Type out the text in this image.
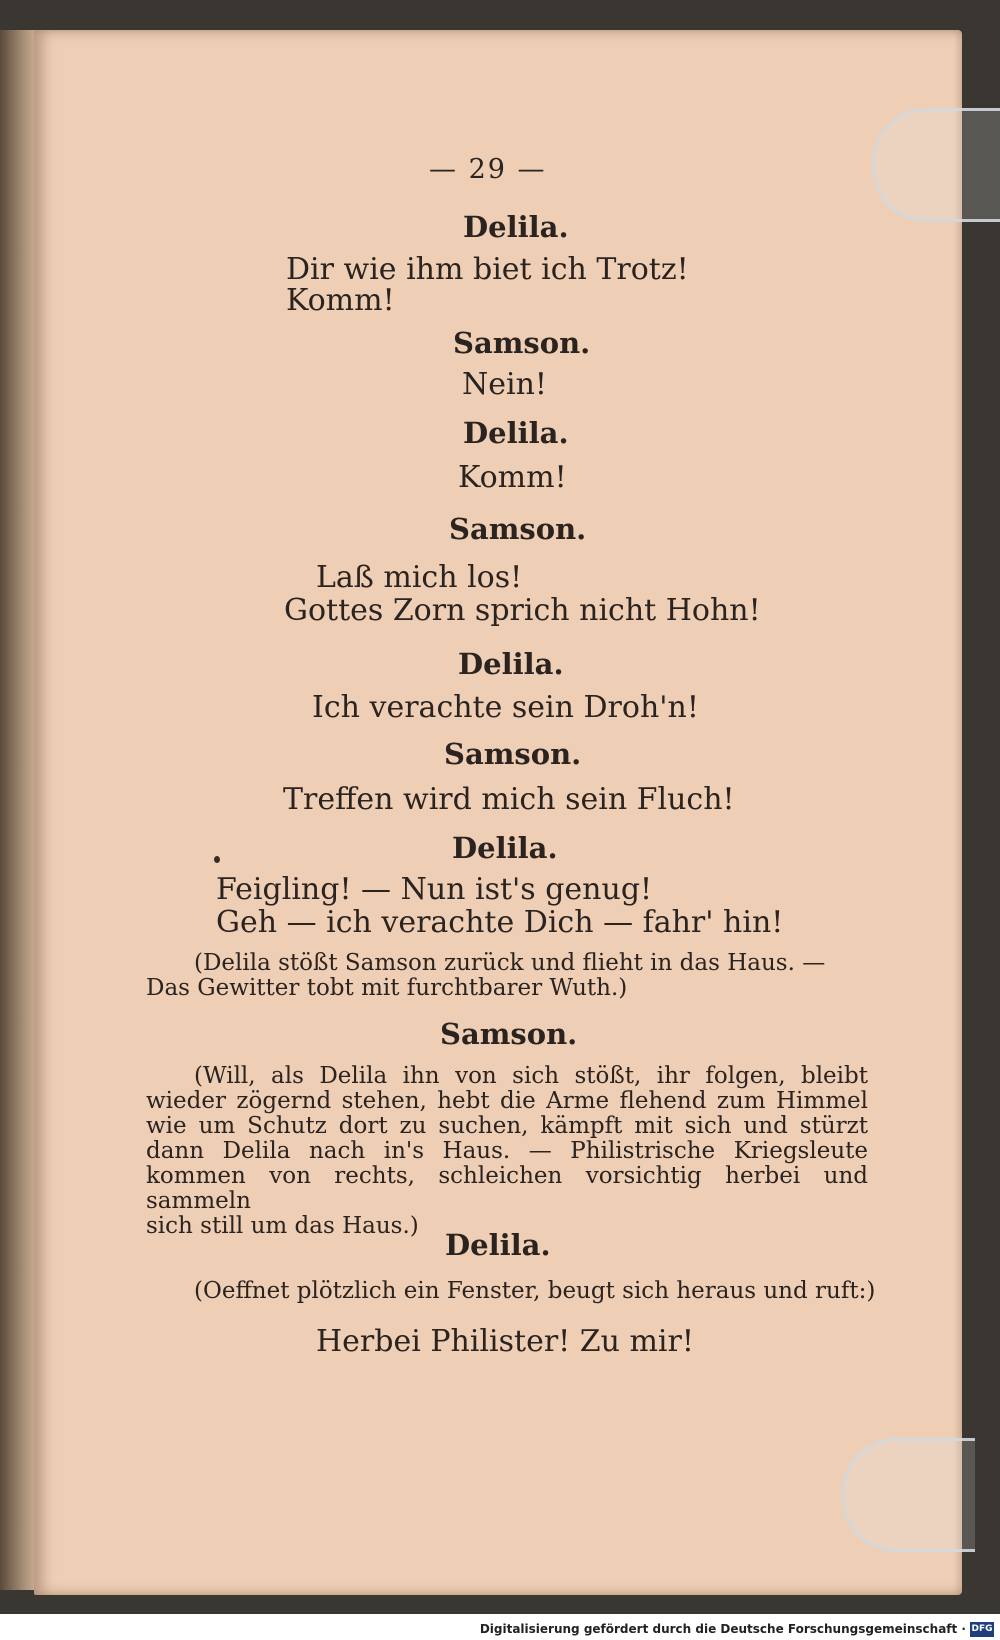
— 29 —
Delila.
Dir wie ihm biet ich Trotz!
Komm!
Samson.
Nein!
Delila.
Komm!
Samson.
Laß mich los!
Gottes Zorn sprich nicht Hohn!
Delila.
Ich verachte sein Droh'n!
Samson.
Treffen wird mich sein Fluch!
Delila.
Feigling! — Nun ist's genug!
Geh — ich verachte Dich — fahr' hin!
(Delila stößt Samson zurück und flieht in das Haus. —
Das Gewitter tobt mit furchtbarer Wuth.)
Samson.
(Will, als Delila ihn von sich stößt, ihr folgen, bleibt
wieder zögernd stehen, hebt die Arme flehend zum Himmel
wie um Schutz dort zu suchen, kämpft mit sich und stürzt
dann Delila nach in's Haus. — Philistrische Kriegsleute
kommen von rechts, schleichen vorsichtig herbei und sammeln
sich still um das Haus.)
Delila.
(Oeffnet plötzlich ein Fenster, beugt sich heraus und ruft:)
Herbei Philister! Zu mir!
Digitalisierung gefördert durch die Deutsche Forschungsgemeinschaft · DFG
